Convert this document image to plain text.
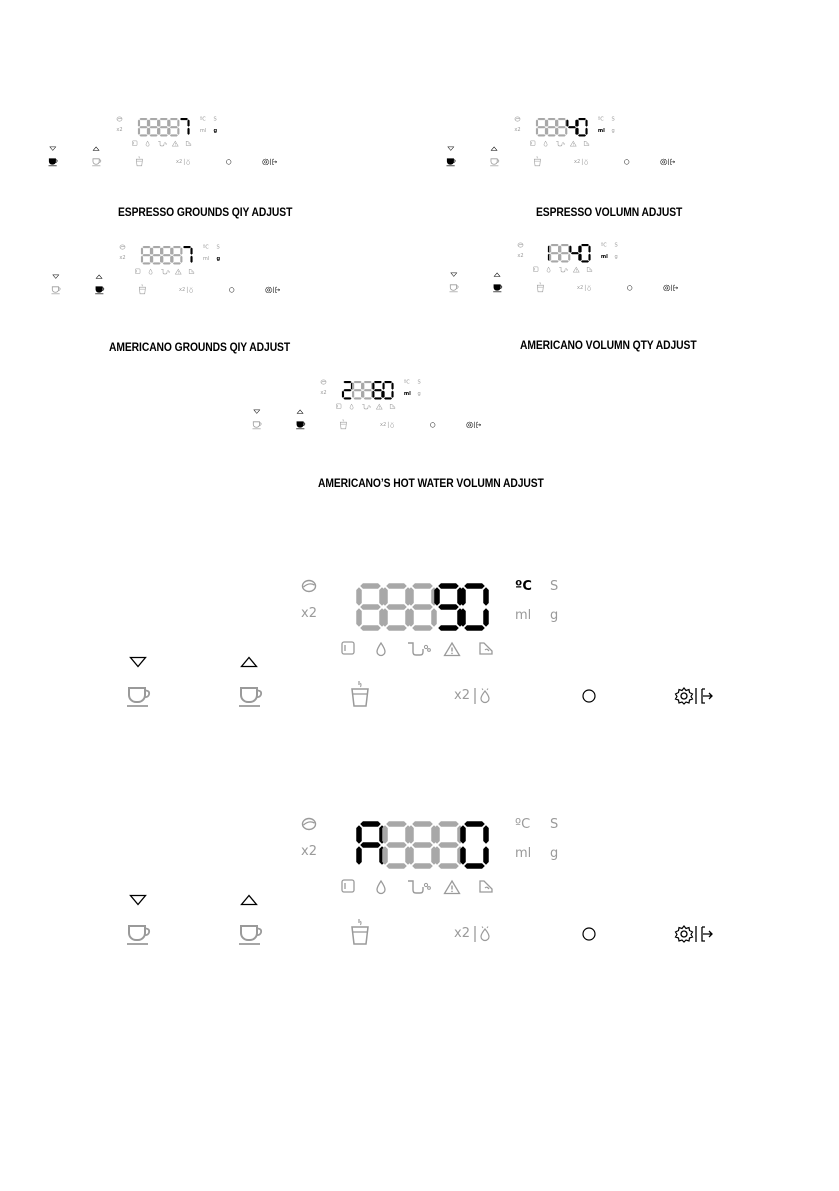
x2
ºC S
ml g
x2
x2
ºC S
ml g
x2
x2
ºC S
ml g
x2
x2
ºC S
ml g
x2
x2
ºC S
ml g
x2
x2
ºC S
ml g
x2
x2
ºC S
ml g
x2
ESPRESSO GROUNDS QIY ADJUST	ESPRESSO VOLUMN ADJUST
AMERICANO GROUNDS QIY ADJUST	AMERICANO VOLUMN QTY ADJUST
AMERICANO’S HOT WATER VOLUMN ADJUST
